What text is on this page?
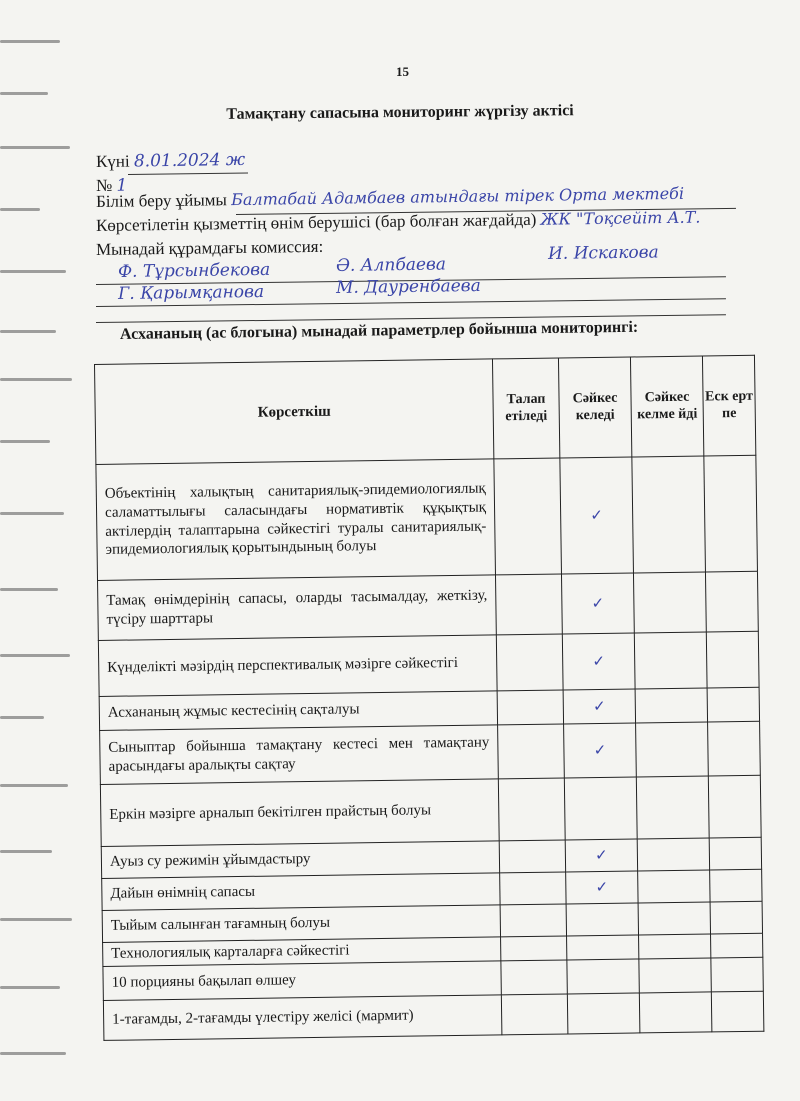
15
Тамақтану сапасына мониторинг жүргізу актісі
Күні 8.01.2024 ж
№ 1
Білім беру ұйымы Балтабай Адамбаев атындағы тірек Орта мектебі
Көрсетілетін қызметтің өнім берушісі (бар болған жағдайда) ЖК "Тоқсейіт А.Т.
Мынадай құрамдағы комиссия:
Ф. Тұрсынбекова	Ә. Алпбаева
И. Искакова
Г. Қарымқанова	М. Дауренбаева
Асхананың (ас блогына) мынадай параметрлер бойынша мониторингі:
Көрсеткіш	Талап етіледі	Сәйкес келеді	Сәйкес келме йді	Еск ерт пе
Объектінің халықтың санитариялық-эпидемиологиялық саламаттылығы саласындағы нормативтік құқықтық актілердің талаптарына сәйкестігі туралы санитариялық-эпидемиологиялық қорытындының болуы		✓		
Тамақ өнімдерінің сапасы, оларды тасымалдау, жеткізу, түсіру шарттары		✓		
Күнделікті мәзірдің перспективалық мәзірге сәйкестігі		✓		
Асхананың жұмыс кестесінің сақталуы		✓		
Сыныптар бойынша тамақтану кестесі мен тамақтану арасындағы аралықты сақтау		✓		
Еркін мәзірге арналып бекітілген прайстың болуы				
Ауыз су режимін ұйымдастыру		✓		
Дайын өнімнің сапасы		✓		
Тыйым салынған тағамның болуы				
Технологиялық карталарға сәйкестігі				
10 порцияны бақылап өлшеу				
1-тағамды, 2-тағамды үлестіру желісі (мармит)				
